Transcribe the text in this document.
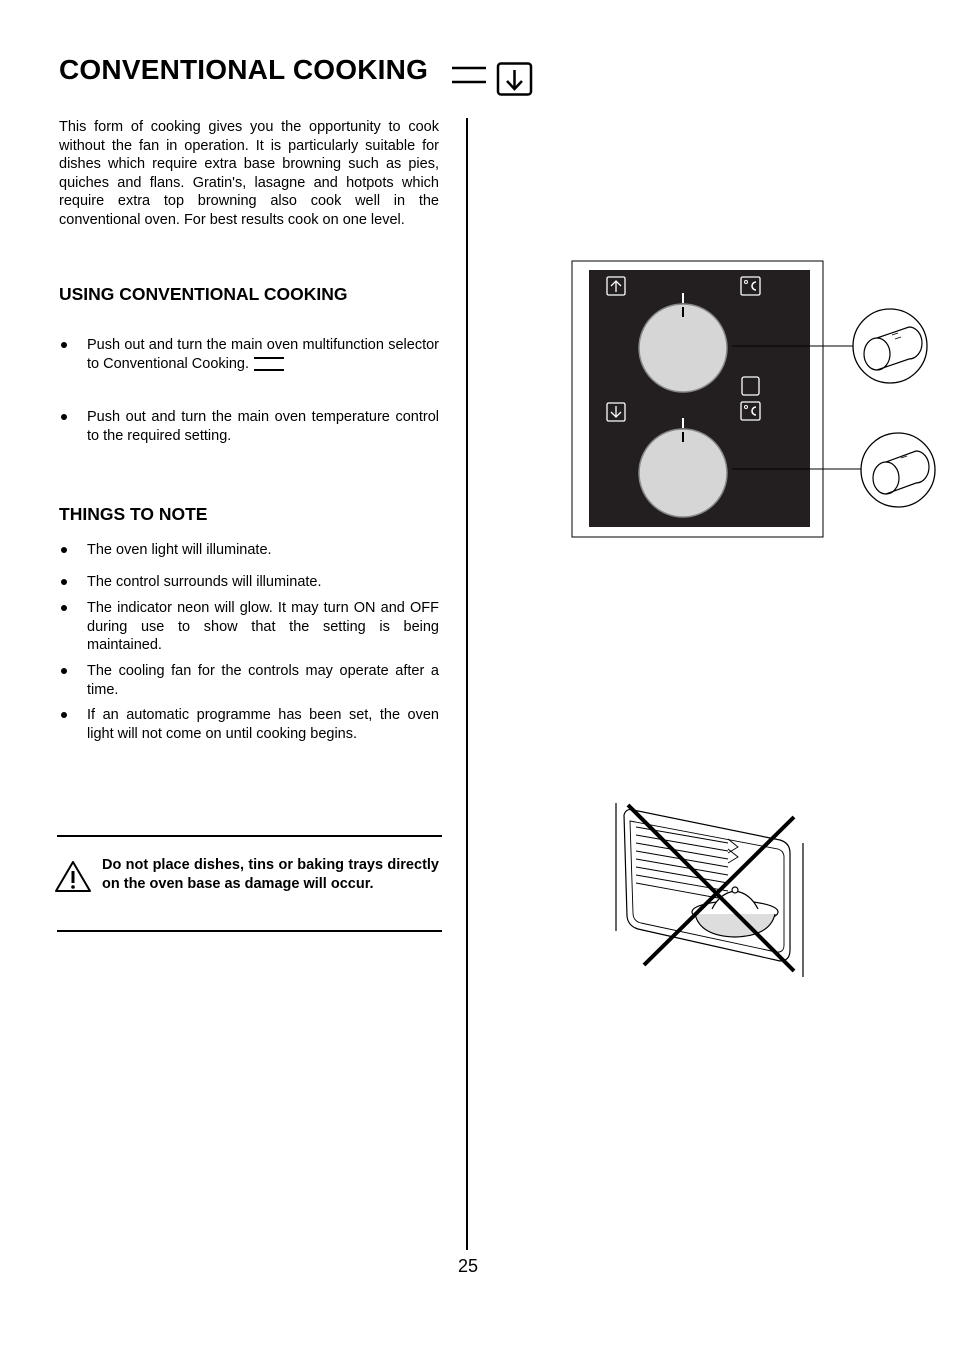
CONVENTIONAL COOKING

This form of cooking gives you the opportunity to cook without the fan in operation. It is particularly suitable for dishes which require extra base browning such as pies, quiches and flans. Gratin's, lasagne and hotpots which require extra top browning also cook well in the conventional oven. For best results cook on one level.

USING CONVENTIONAL COOKING
Push out and turn the main oven multifunction selector to Conventional Cooking.
Push out and turn the main oven temperature control to the required setting.
THINGS TO NOTE
The oven light will illuminate.
The control surrounds will illuminate.
The indicator neon will glow. It may turn ON and OFF during use to show that the setting is being maintained.
The cooling fan for the controls may operate after a time.
If an automatic programme has been set, the oven light will not come on until cooking begins.

Do not place dishes, tins or baking trays directly on the oven base as damage will occur.

25
